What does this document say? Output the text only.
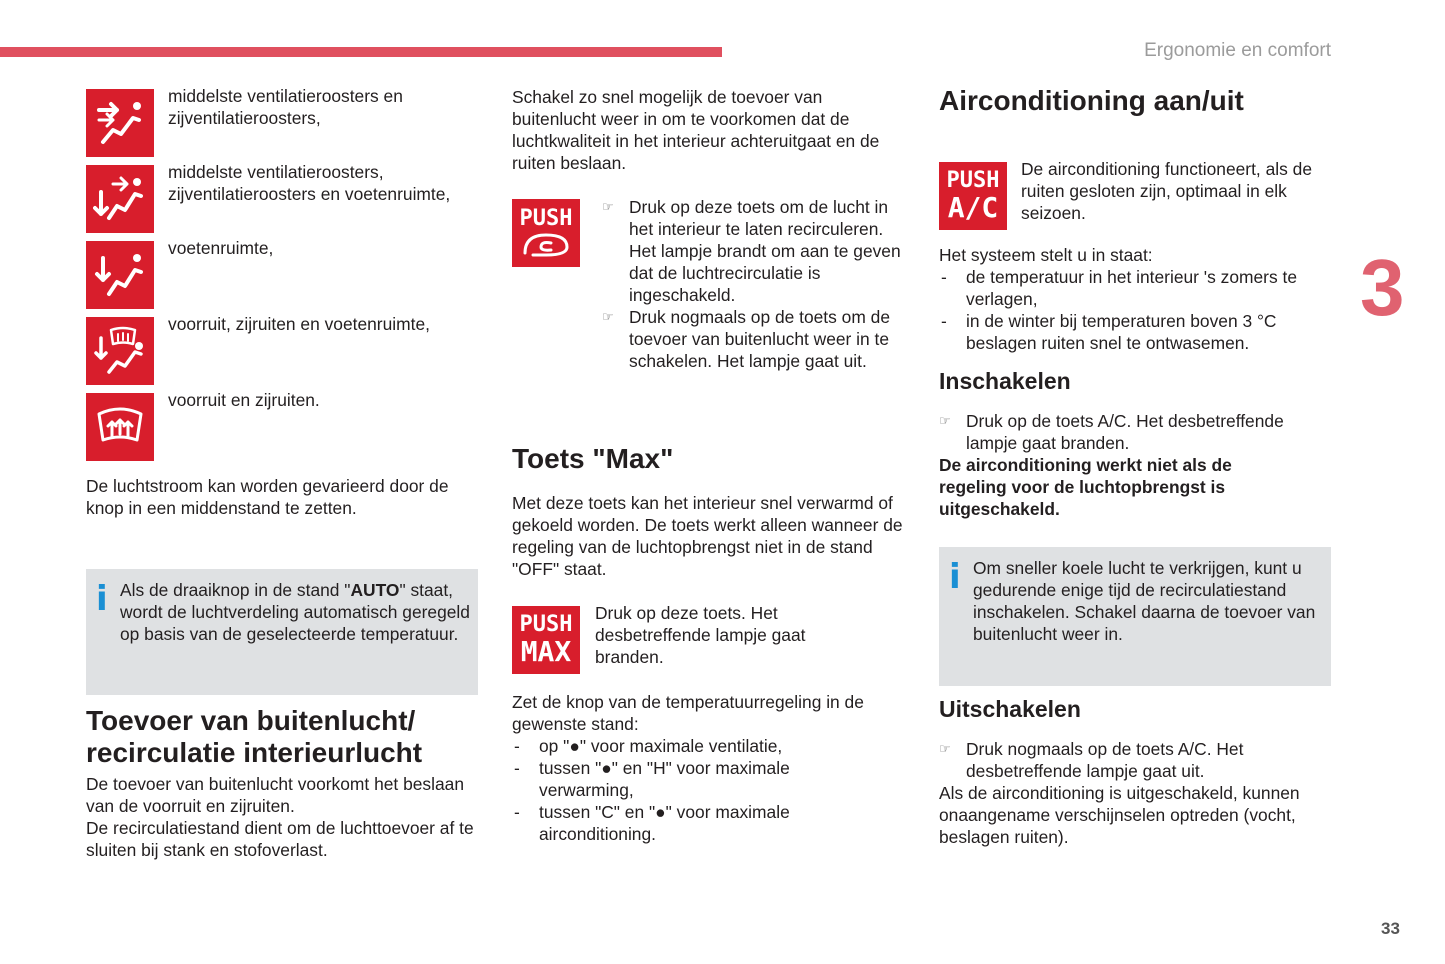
Ergonomie en comfort
3
33
middelste ventilatieroosters en zijventilatieroosters,
middelste ventilatieroosters, zijventilatieroosters en voetenruimte,
voetenruimte,
voorruit, zijruiten en voetenruimte,
voorruit en zijruiten.
De luchtstroom kan worden gevarieerd door de knop in een middenstand te zetten.
i Als de draaiknop in de stand "AUTO" staat, wordt de luchtverdeling automatisch geregeld op basis van de geselecteerde temperatuur.
Toevoer van buitenlucht/ recirculatie interieurlucht
De toevoer van buitenlucht voorkomt het beslaan van de voorruit en zijruiten.
De recirculatiestand dient om de luchttoevoer af te sluiten bij stank en stofoverlast.
Schakel zo snel mogelijk de toevoer van buitenlucht weer in om te voorkomen dat de luchtkwaliteit in het interieur achteruitgaat en de ruiten beslaan.
PUSH ☞ Druk op deze toets om de lucht in het interieur te laten recirculeren. Het lampje brandt om aan te geven dat de luchtrecirculatie is ingeschakeld.
☞ Druk nogmaals op de toets om de toevoer van buitenlucht weer in te schakelen. Het lampje gaat uit.
Toets "Max"
Met deze toets kan het interieur snel verwarmd of gekoeld worden. De toets werkt alleen wanneer de regeling van de luchtopbrengst niet in de stand "OFF" staat.
PUSH
MAX
Druk op deze toets. Het desbetreffende lampje gaat branden.
Zet de knop van de temperatuurregeling in de gewenste stand:
- op "●" voor maximale ventilatie,
- tussen "●" en "H" voor maximale verwarming,
- tussen "C" en "●" voor maximale airconditioning.
Airconditioning aan/uit
PUSH
A/C
De airconditioning functioneert, als de ruiten gesloten zijn, optimaal in elk seizoen.
Het systeem stelt u in staat:
- de temperatuur in het interieur 's zomers te verlagen,
- in de winter bij temperaturen boven 3 °C beslagen ruiten snel te ontwasemen.
Inschakelen
☞ Druk op de toets A/C. Het desbetreffende lampje gaat branden.
De airconditioning werkt niet als de regeling voor de luchtopbrengst is uitgeschakeld.
i Om sneller koele lucht te verkrijgen, kunt u gedurende enige tijd de recirculatiestand inschakelen. Schakel daarna de toevoer van buitenlucht weer in.
Uitschakelen
☞ Druk nogmaals op de toets A/C. Het desbetreffende lampje gaat uit.
Als de airconditioning is uitgeschakeld, kunnen onaangename verschijnselen optreden (vocht, beslagen ruiten).
